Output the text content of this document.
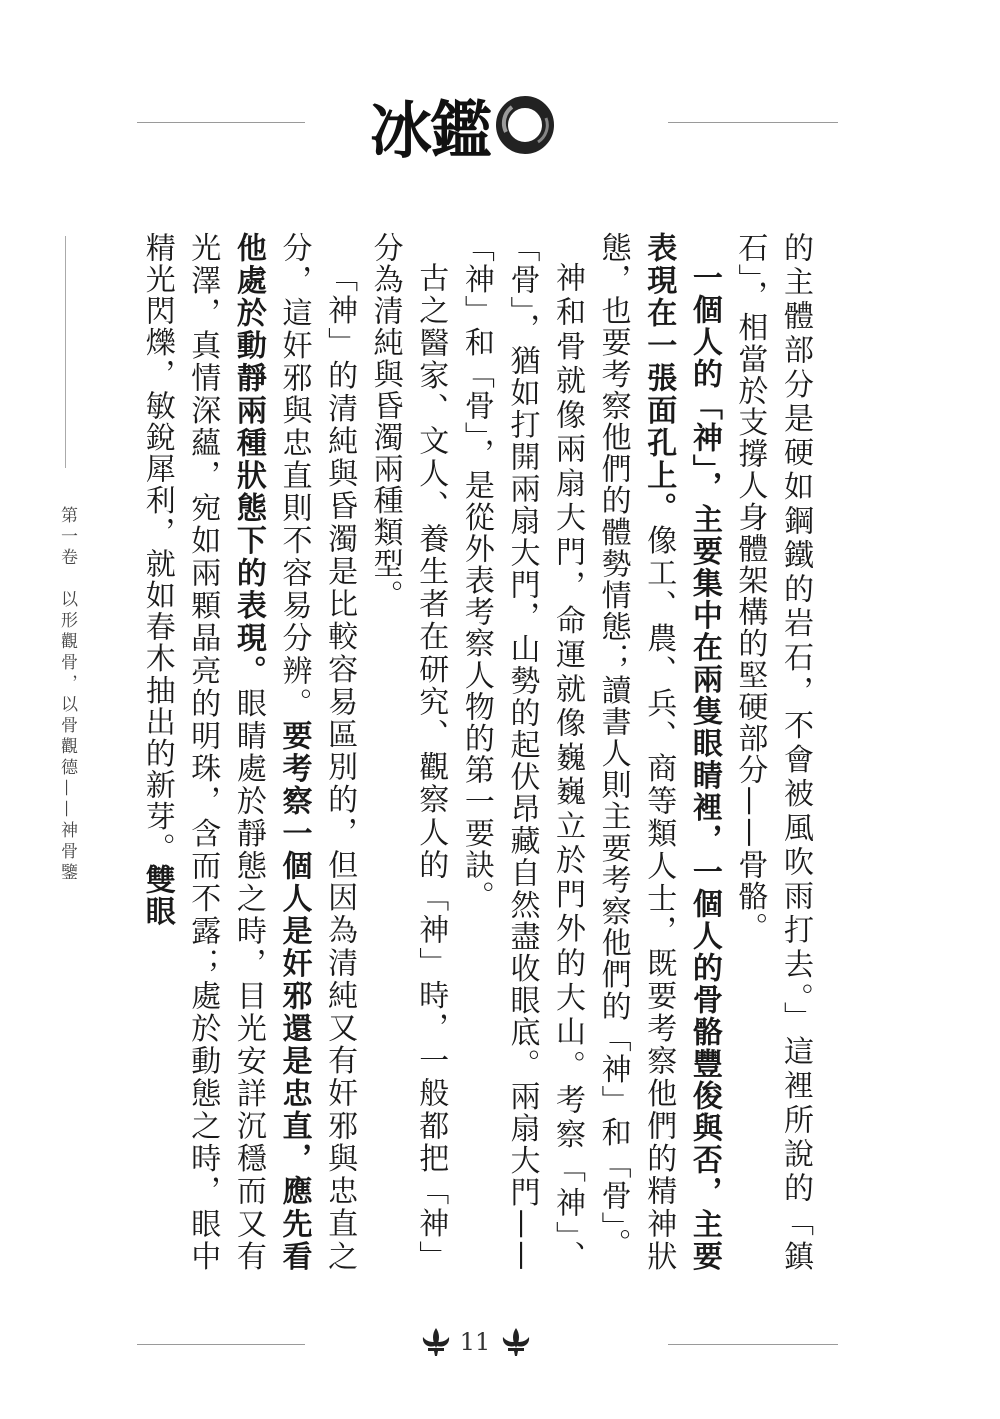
冰鑑
第一卷　以形觀骨，以骨觀德——神骨鑒	的主體部分是硬如鋼鐵的岩石，不會被風吹雨打去。」這裡所說的「鎮石」，相當於支撐人身體架構的堅硬部分——骨骼。

一個人的「神」，主要集中在兩隻眼睛裡，一個人的骨骼豐俊與否，主要表現在一張面孔上。像工、農、兵、商等類人士，既要考察他們的精神狀態，也要考察他們的體勢情態；讀書人則主要考察他們的「神」和「骨」。

神和骨就像兩扇大門，命運就像巍巍立於門外的大山。考察「神」、「骨」，猶如打開兩扇大門，山勢的起伏昂藏自然盡收眼底。兩扇大門——「神」和「骨」，是從外表考察人物的第一要訣。

古之醫家、文人、養生者在研究、觀察人的「神」時，一般都把「神」分為清純與昏濁兩種類型。

「神」的清純與昏濁是比較容易區別的，但因為清純又有奸邪與忠直之分，這奸邪與忠直則不容易分辨。要考察一個人是奸邪還是忠直，應先看他處於動靜兩種狀態下的表現。眼睛處於靜態之時，目光安詳沉穩而又有光澤，真情深蘊，宛如兩顆晶亮的明珠，含而不露；處於動態之時，眼中精光閃爍，敏銳犀利，就如春木抽出的新芽。雙眼

11
